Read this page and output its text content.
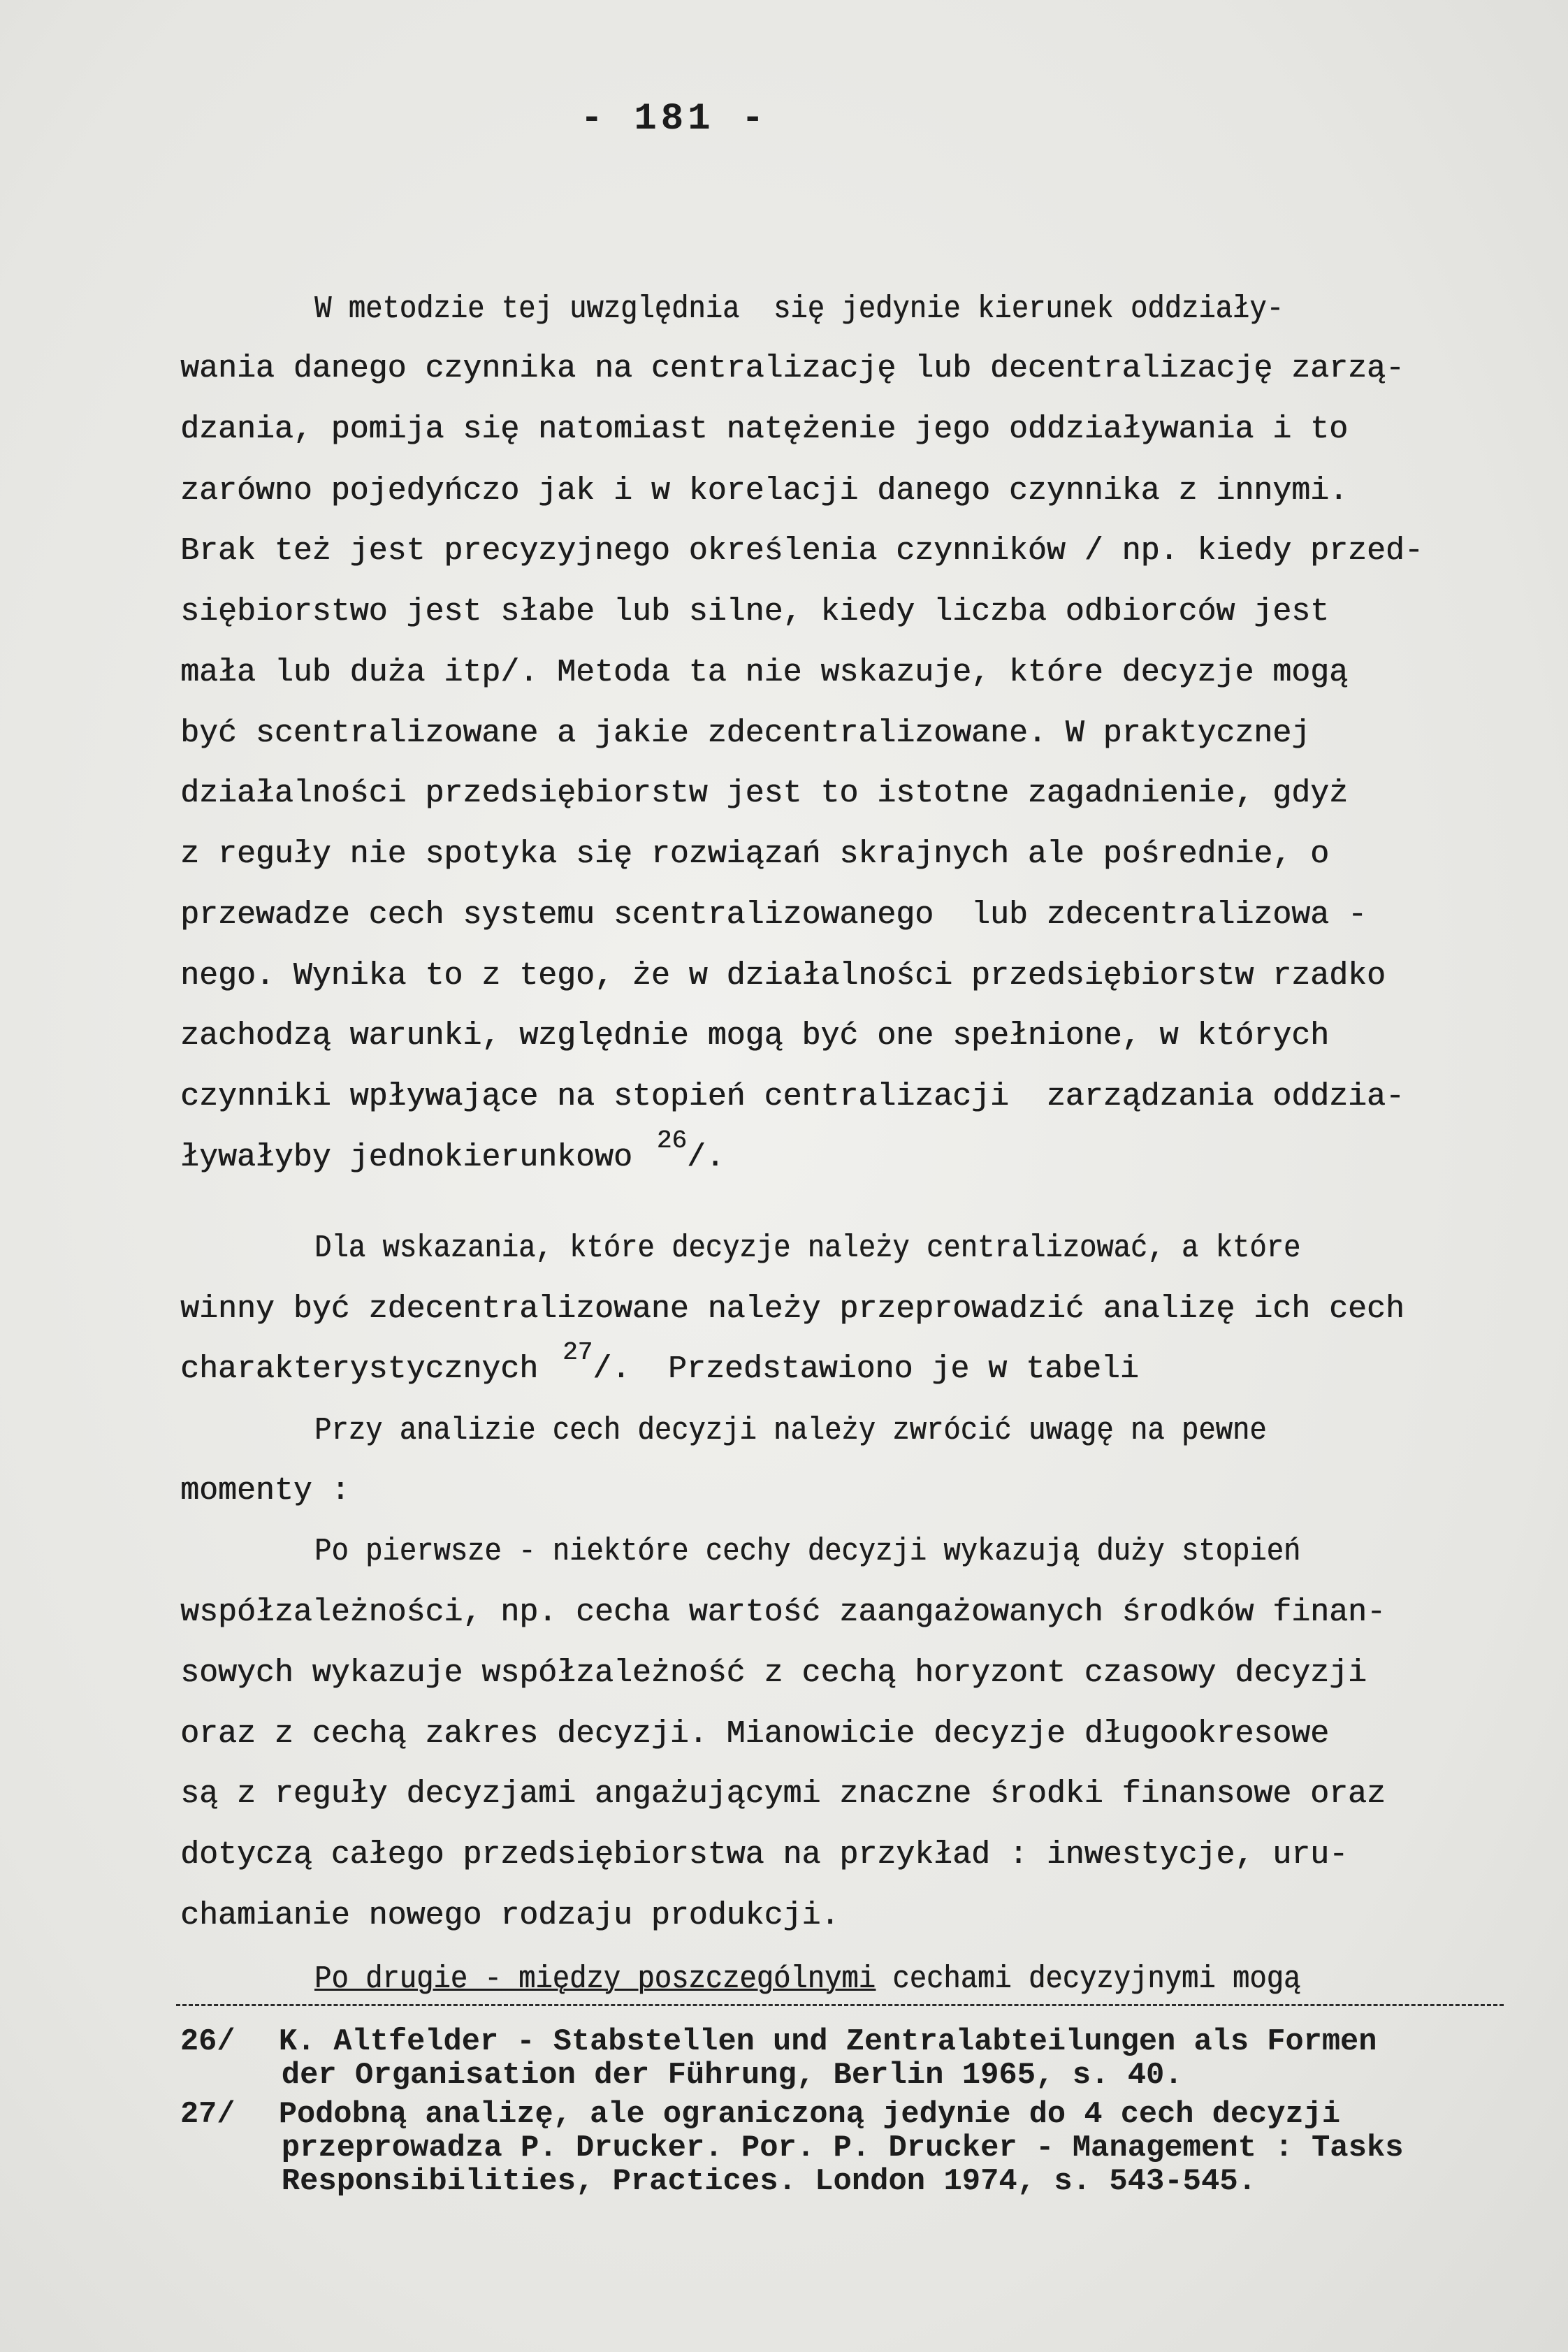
- 181 -
W metodzie tej uwzględnia  się jedynie kierunek oddziały-
wania danego czynnika na centralizację lub decentralizację zarzą-
dzania, pomija się natomiast natężenie jego oddziaływania i to
zarówno pojedyńczo jak i w korelacji danego czynnika z innymi.
Brak też jest precyzyjnego określenia czynników / np. kiedy przed-
siębiorstwo jest słabe lub silne, kiedy liczba odbiorców jest
mała lub duża itp/. Metoda ta nie wskazuje, które decyzje mogą
być scentralizowane a jakie zdecentralizowane. W praktycznej
działalności przedsiębiorstw jest to istotne zagadnienie, gdyż
z reguły nie spotyka się rozwiązań skrajnych ale pośrednie, o
przewadze cech systemu scentralizowanego  lub zdecentralizowa -
nego. Wynika to z tego, że w działalności przedsiębiorstw rzadko
zachodzą warunki, względnie mogą być one spełnione, w których
czynniki wpływające na stopień centralizacji  zarządzania oddzia-
ływałyby jednokierunkowo $^{26}$/.
Dla wskazania, które decyzje należy centralizować, a które
winny być zdecentralizowane należy przeprowadzić analizę ich cech
charakterystycznych $^{27}$/.  Przedstawiono je w tabeli
Przy analizie cech decyzji należy zwrócić uwagę na pewne
momenty :
Po pierwsze - niektóre cechy decyzji wykazują duży stopień
współzależności, np. cecha wartość zaangażowanych środków finan-
sowych wykazuje współzależność z cechą horyzont czasowy decyzji
oraz z cechą zakres decyzji. Mianowicie decyzje długookresowe
są z reguły decyzjami angażującymi znaczne środki finansowe oraz
dotyczą całego przedsiębiorstwa na przykład : inwestycje, uru-
chamianie nowego rodzaju produkcji.
Po drugie - między poszczególnymi cechami decyzyjnymi mogą
26/ K. Altfelder - Stabstellen und Zentralabteilungen als Formen
der Organisation der Führung, Berlin 1965, s. 40.
27/ Podobną analizę, ale ograniczoną jedynie do 4 cech decyzji
przeprowadza P. Drucker. Por. P. Drucker - Management : Tasks
Responsibilities, Practices. London 1974, s. 543-545.
